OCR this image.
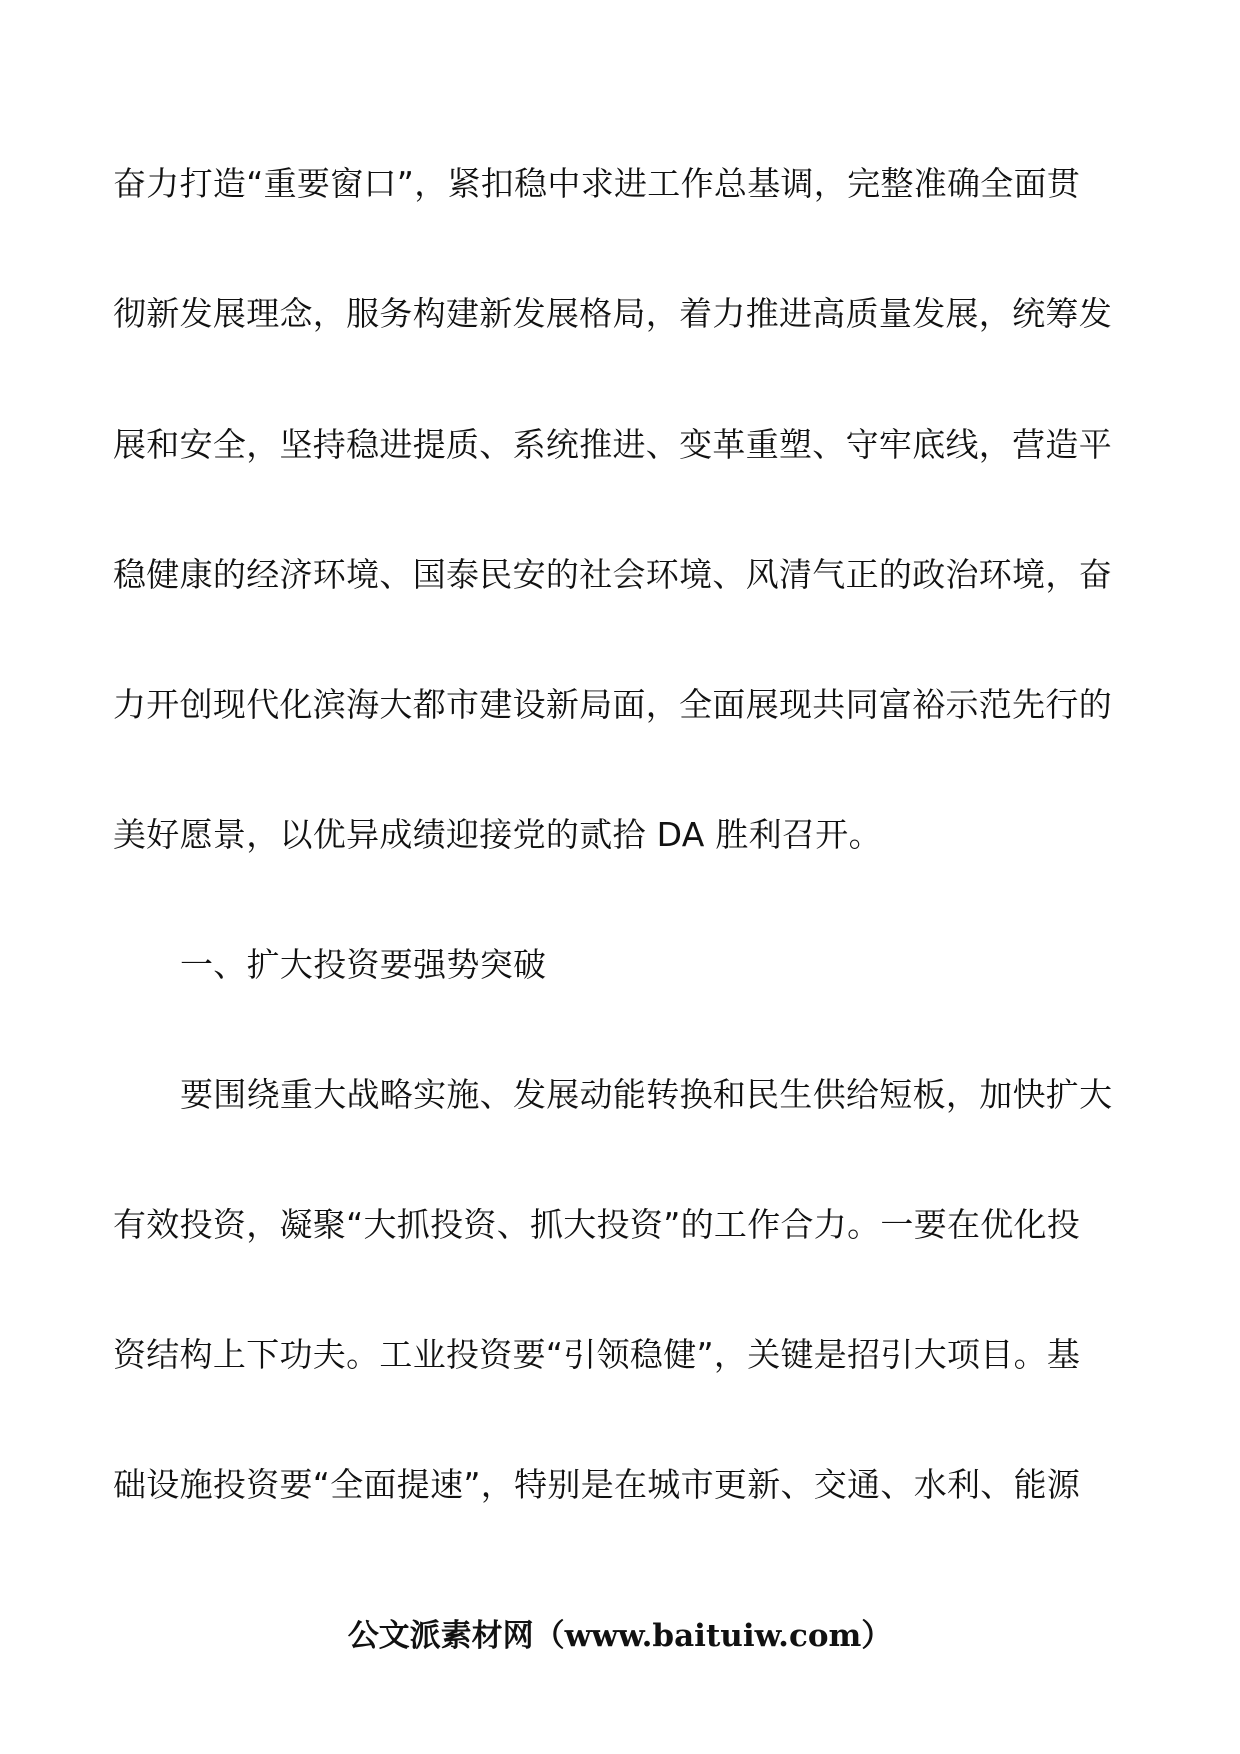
奋力打造“重要窗口”，紧扣稳中求进工作总基调，完整准确全面贯
彻新发展理念，服务构建新发展格局，着力推进高质量发展，统筹发
展和安全，坚持稳进提质、系统推进、变革重塑、守牢底线，营造平
稳健康的经济环境、国泰民安的社会环境、风清气正的政治环境，奋
力开创现代化滨海大都市建设新局面，全面展现共同富裕示范先行的
美好愿景，以优异成绩迎接党的贰拾 DA 胜利召开。
一、扩大投资要强势突破
要围绕重大战略实施、发展动能转换和民生供给短板，加快扩大
有效投资，凝聚“大抓投资、抓大投资”的工作合力。一要在优化投
资结构上下功夫。工业投资要“引领稳健”，关键是招引大项目。基
础设施投资要“全面提速”，特别是在城市更新、交通、水利、能源
公文派素材网（www.baituiw.com）
